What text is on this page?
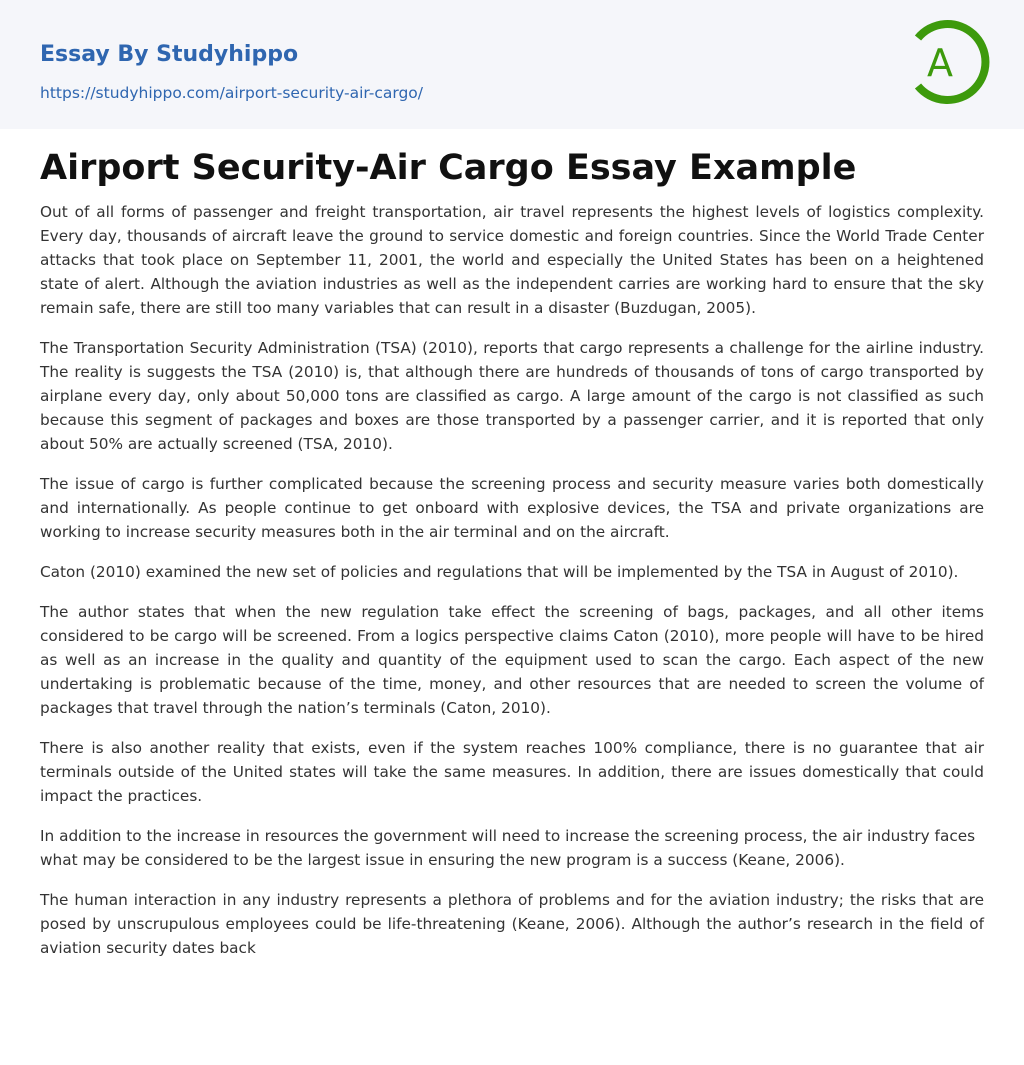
Essay By Studyhippo

https://studyhippo.com/airport-security-air-cargo/
A
Airport Security-Air Cargo Essay Example

Out of all forms of passenger and freight transportation, air travel represents the highest levels of logistics complexity. Every day, thousands of aircraft leave the ground to service domestic and foreign countries. Since the World Trade Center attacks that took place on September 11, 2001, the world and especially the United States has been on a heightened state of alert. Although the aviation industries as well as the independent carries are working hard to ensure that the sky remain safe, there are still too many variables that can result in a disaster (Buzdugan, 2005).

The Transportation Security Administration (TSA) (2010), reports that cargo represents a challenge for the airline industry. The reality is suggests the TSA (2010) is, that although there are hundreds of thousands of tons of cargo transported by airplane every day, only about 50,000 tons are classified as cargo. A large amount of the cargo is not classified as such because this segment of packages and boxes are those transported by a passenger carrier, and it is reported that only about 50% are actually screened (TSA, 2010).

The issue of cargo is further complicated because the screening process and security measure varies both domestically and internationally. As people continue to get onboard with explosive devices, the TSA and private organizations are working to increase security measures both in the air terminal and on the aircraft.

Caton (2010) examined the new set of policies and regulations that will be implemented by the TSA in August of 2010).

The author states that when the new regulation take effect the screening of bags, packages, and all other items considered to be cargo will be screened. From a logics perspective claims Caton (2010), more people will have to be hired as well as an increase in the quality and quantity of the equipment used to scan the cargo. Each aspect of the new undertaking is problematic because of the time, money, and other resources that are needed to screen the volume of packages that travel through the nation’s terminals (Caton, 2010).

There is also another reality that exists, even if the system reaches 100% compliance, there is no guarantee that air terminals outside of the United states will take the same measures. In addition, there are issues domestically that could impact the practices.

In addition to the increase in resources the government will need to increase the screening process, the air industry faces what may be considered to be the largest issue in ensuring the new program is a success (Keane, 2006).

The human interaction in any industry represents a plethora of problems and for the aviation industry; the risks that are posed by unscrupulous employees could be life-threatening (Keane, 2006). Although the author’s research in the field of aviation security dates back
